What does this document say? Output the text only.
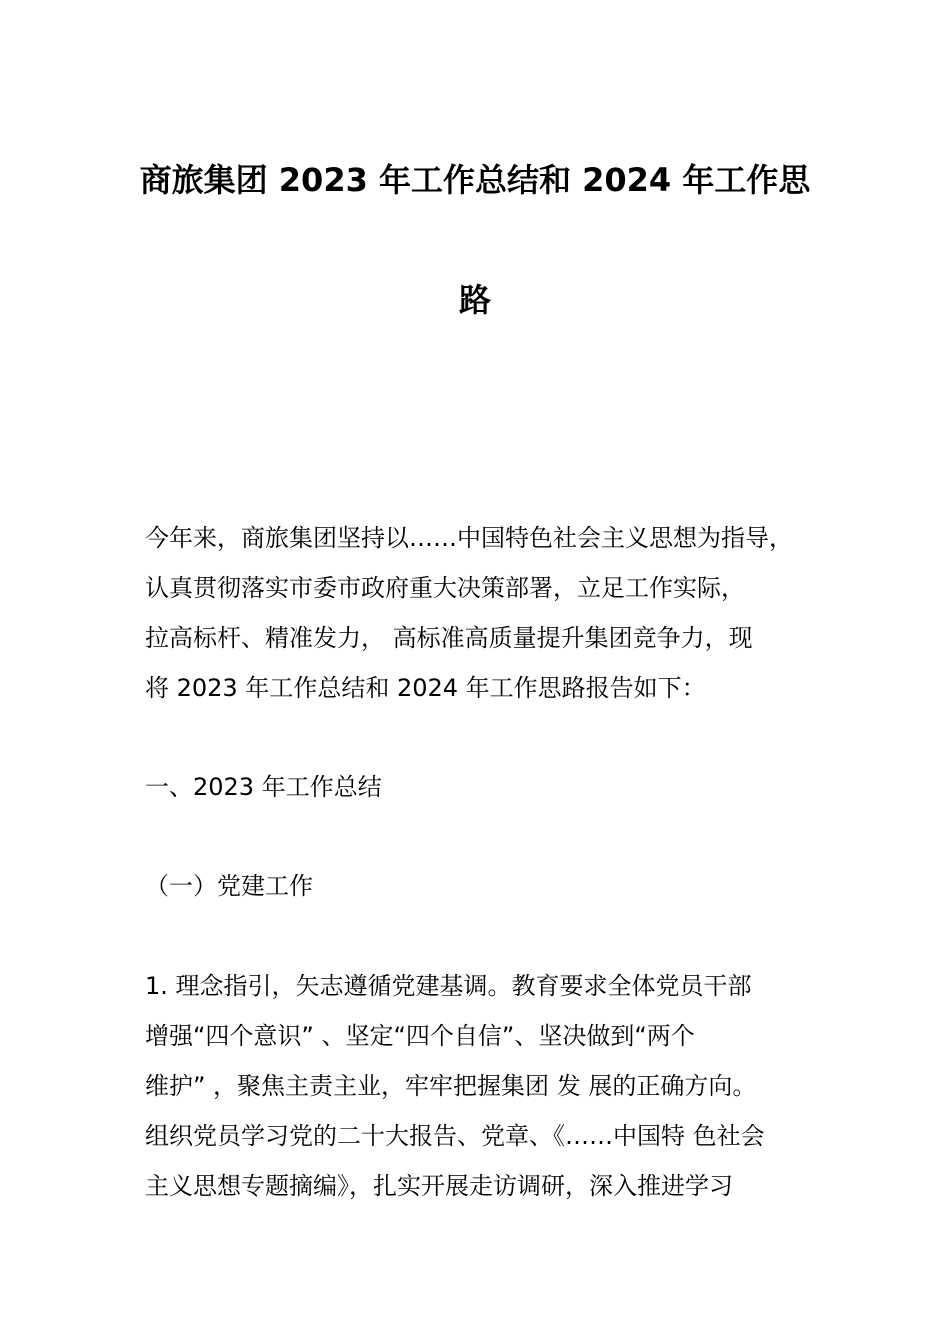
商旅集团 2023 年工作总结和 2024 年工作思
路
今年来，商旅集团坚持以……中国特色社会主义思想为指导，
认真贯彻落实市委市政府重大决策部署，立足工作实际，
拉高标杆、精准发力， 高标准高质量提升集团竞争力，现
将 2023 年工作总结和 2024 年工作思路报告如下：
一、2023 年工作总结
（一）党建工作
1. 理念指引，矢志遵循党建基调。教育要求全体党员干部
增强“四个意识” 、坚定“四个自信”、坚决做到“两个
维护” ，聚焦主责主业，牢牢把握集团 发 展的正确方向。
组织党员学习党的二十大报告、党章、《……中国特 色社会
主义思想专题摘编》，扎实开展走访调研，深入推进学习
